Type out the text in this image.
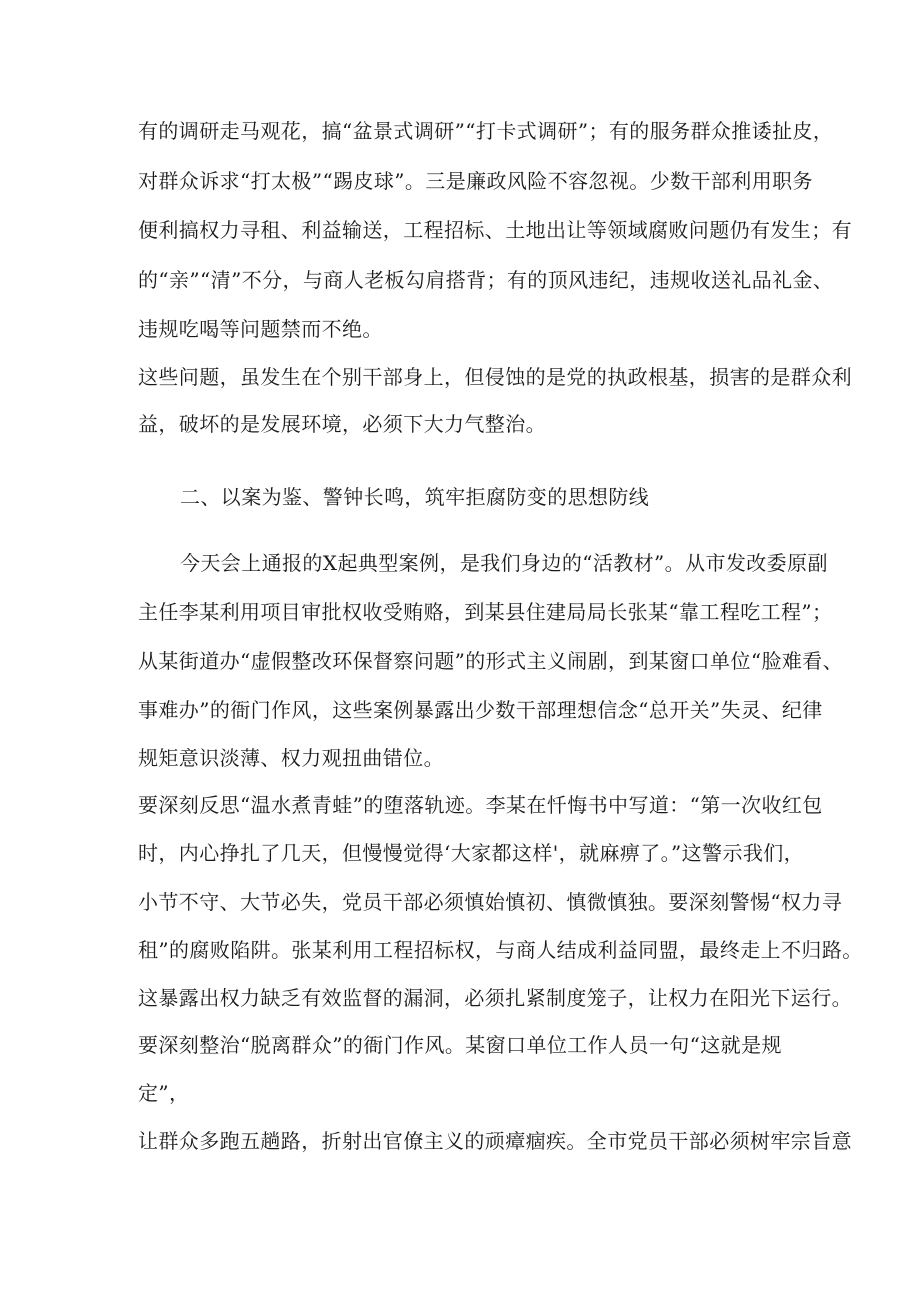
有的调研走马观花，搞“盆景式调研”“打卡式调研”；有的服务群众推诿扯皮，
对群众诉求“打太极”“踢皮球”。三是廉政风险不容忽视。少数干部利用职务
便利搞权力寻租、利益输送，工程招标、土地出让等领域腐败问题仍有发生；有
的“亲”“清”不分，与商人老板勾肩搭背；有的顶风违纪，违规收送礼品礼金、
违规吃喝等问题禁而不绝。
这些问题，虽发生在个别干部身上，但侵蚀的是党的执政根基，损害的是群众利
益，破坏的是发展环境，必须下大力气整治。
二、以案为鉴、警钟长鸣，筑牢拒腐防变的思想防线
今天会上通报的X起典型案例，是我们身边的“活教材”。从市发改委原副
主任李某利用项目审批权收受贿赂，到某县住建局局长张某“靠工程吃工程”；
从某街道办“虚假整改环保督察问题”的形式主义闹剧，到某窗口单位“脸难看、
事难办”的衙门作风，这些案例暴露出少数干部理想信念“总开关”失灵、纪律
规矩意识淡薄、权力观扭曲错位。
要深刻反思“温水煮青蛙”的堕落轨迹。李某在忏悔书中写道：“第一次收红包
时，内心挣扎了几天，但慢慢觉得‘大家都这样'，就麻痹了。”这警示我们，
小节不守、大节必失，党员干部必须慎始慎初、慎微慎独。要深刻警惕“权力寻
租”的腐败陷阱。张某利用工程招标权，与商人结成利益同盟，最终走上不归路。
这暴露出权力缺乏有效监督的漏洞，必须扎紧制度笼子，让权力在阳光下运行。
要深刻整治“脱离群众”的衙门作风。某窗口单位工作人员一句“这就是规
定”，
让群众多跑五趟路，折射出官僚主义的顽瘴痼疾。全市党员干部必须树牢宗旨意
